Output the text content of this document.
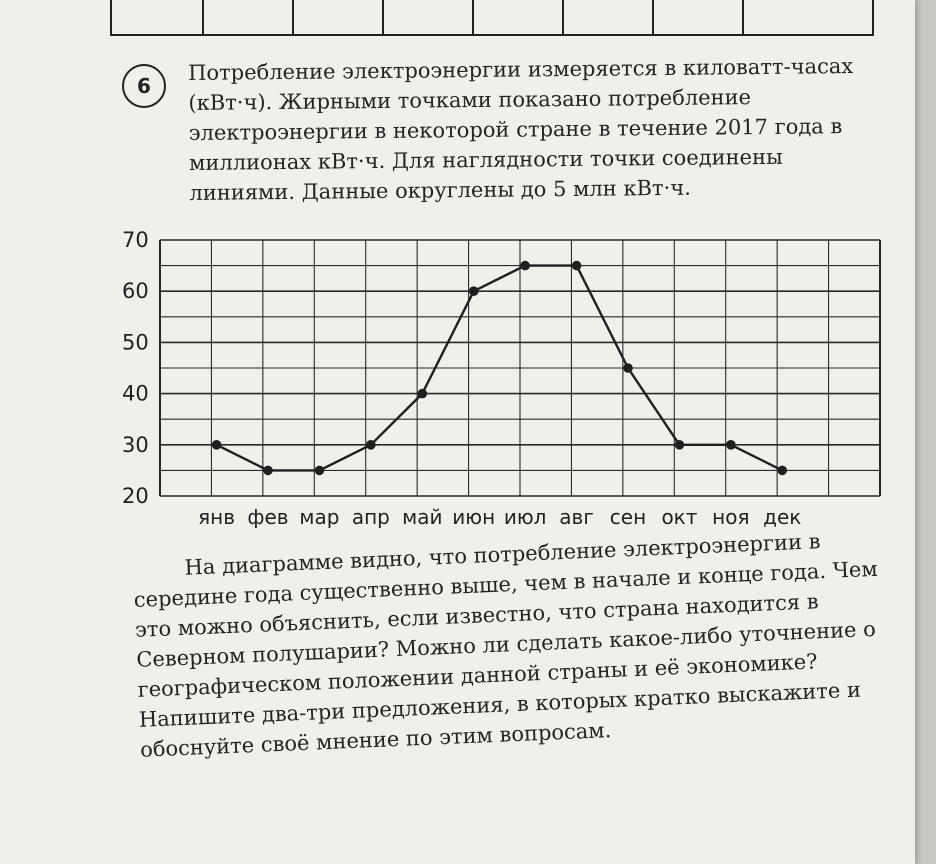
6

Потребление электроэнергии измеряется в киловатт-часах (кВт·ч). Жирными точками показано потребление электроэнергии в некоторой стране в течение 2017 года в миллионах кВт·ч. Для наглядности точки соединены линиями. Данные округлены до 5 млн кВт·ч.

70
60
50
40
30
20
янв фев мар апр май июн июл авг сен окт ноя дек

На диаграмме видно, что потребление электроэнергии в середине года существенно выше, чем в начале и конце года. Чем это можно объяснить, если известно, что страна находится в Северном полушарии? Можно ли сделать какое-либо уточнение о географическом положении данной страны и её экономике? Напишите два-три предложения, в которых кратко выскажите и обоснуйте своё мнение по этим вопросам.
